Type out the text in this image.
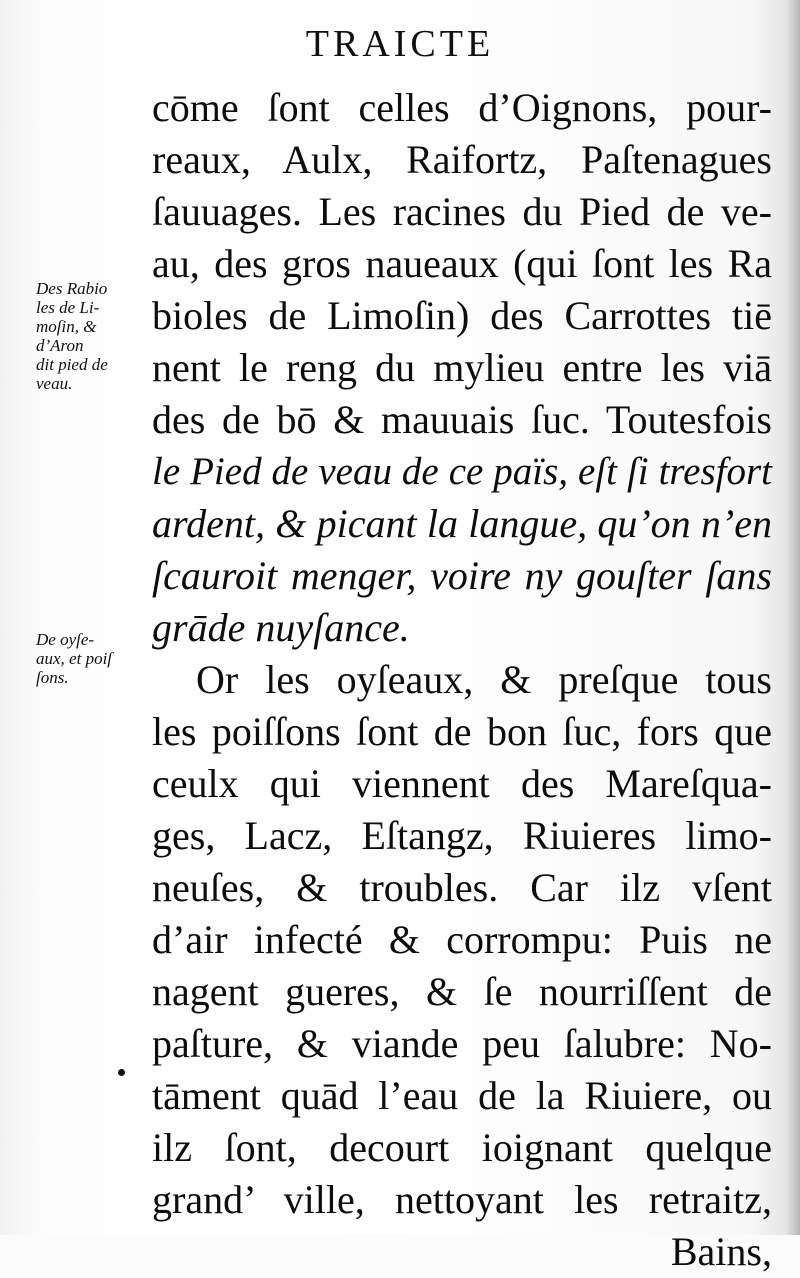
TRAICTE
cōme ſont celles d’Oignons, pour-
reaux, Aulx, Raifortz, Paſtenagues
ſauuages. Les racines du Pied de ve-
au, des gros naueaux (qui ſont les Ra
bioles de Limoſin) des Carrottes tiē
nent le reng du mylieu entre les viā
des de bō & mauuais ſuc. Toutesfois
le Pied de veau de ce païs, eſt ſi tresfort
ardent, & picant la langue, qu’on n’en
ſcauroit menger, voire ny gouſter ſans
grāde nuyſance.
Or les oyſeaux, & preſque tous
les poiſſons ſont de bon ſuc, fors que
ceulx qui viennent des Mareſqua-
ges, Lacz, Eſtangz, Riuieres limo-
neuſes, & troubles. Car ilz vſent
d’air infecté & corrompu: Puis ne
nagent gueres, & ſe nourriſſent de
paſture, & viande peu ſalubre: No-
tāment quād l’eau de la Riuiere, ou
ilz ſont, decourt ioignant quelque
grand’ ville, nettoyant les retraitz,
Bains,
Des Rabio
les de Li-
moſin, &
d’Aron
dit pied de
veau.
De oyſe-
aux, et poiſ
ſons.
